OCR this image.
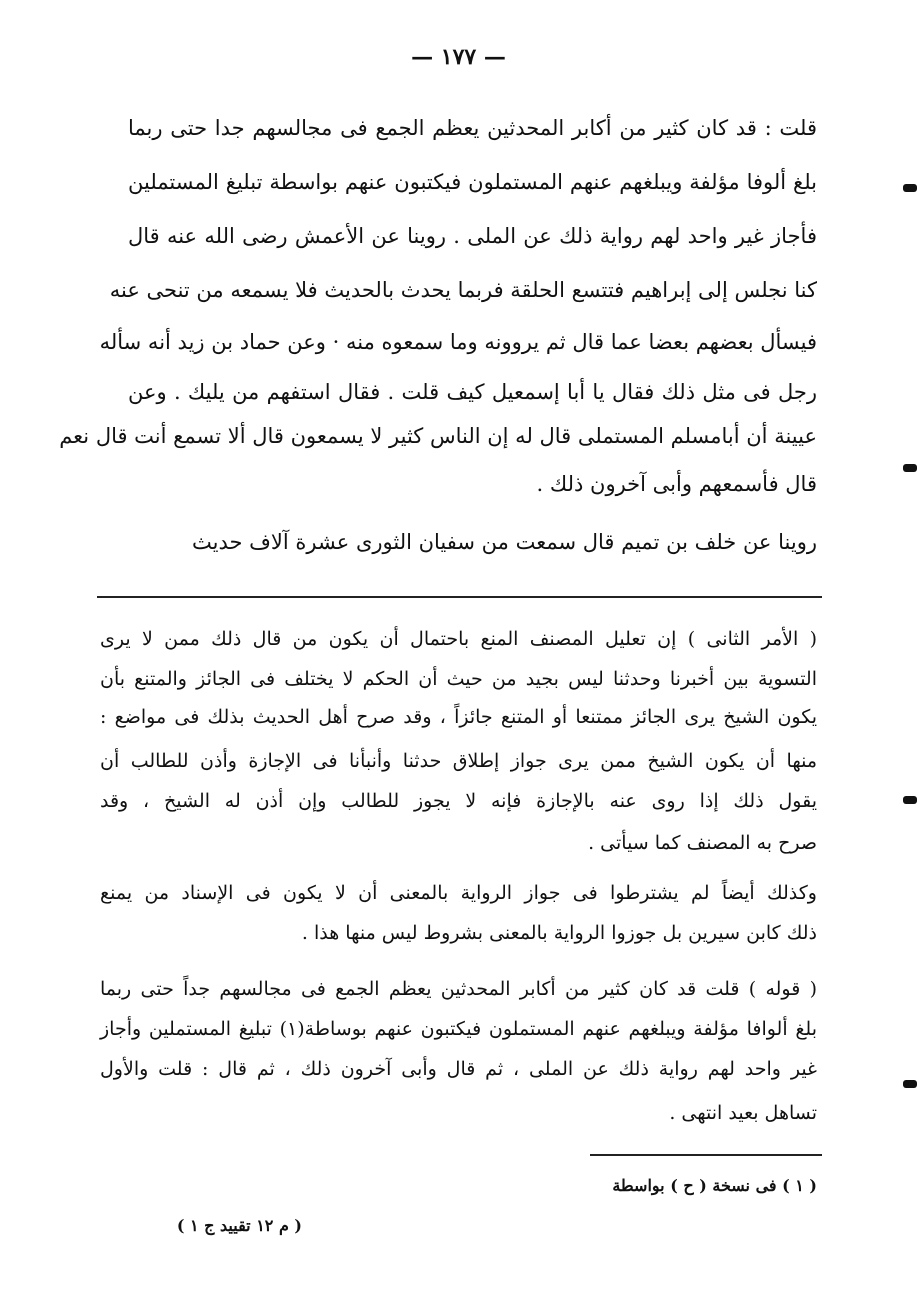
— ١٧٧ —
قلت : قد كان كثير من أكابر المحدثين يعظم الجمع فى مجالسهم جدا حتى ربما
بلغ ألوفا مؤلفة ويبلغهم عنهم المستملون فيكتبون عنهم بواسطة تبليغ المستملين
فأجاز غير واحد لهم رواية ذلك عن الملى . روينا عن الأعمش رضى الله عنه قال
كنا نجلس إلى إبراهيم فتتسع الحلقة فربما يحدث بالحديث فلا يسمعه من تنحى عنه
فيسأل بعضهم بعضا عما قال ثم يروونه وما سمعوه منه · وعن حماد بن زيد أنه سأله
رجل فى مثل ذلك فقال يا أبا إسمعيل كيف قلت . فقال استفهم من يليك . وعن
عيينة أن أبامسلم المستملى قال له إن الناس كثير لا يسمعون قال ألا تسمع أنت قال نعم
قال فأسمعهم وأبى آخرون ذلك .
روينا عن خلف بن تميم قال سمعت من سفيان الثورى عشرة آلاف حديث
( الأمر الثانى ) إن تعليل المصنف المنع باحتمال أن يكون من قال ذلك ممن لا يرى
التسوية بين أخبرنا وحدثنا ليس بجيد من حيث أن الحكم لا يختلف فى الجائز والمتنع بأن
يكون الشيخ يرى الجائز ممتنعا أو المتنع جائزاً ، وقد صرح أهل الحديث بذلك فى مواضع :
منها أن يكون الشيخ ممن يرى جواز إطلاق حدثنا وأنبأنا فى الإجازة وأذن للطالب أن
يقول ذلك إذا روى عنه بالإجازة فإنه لا يجوز للطالب وإن أذن له الشيخ ، وقد
صرح به المصنف كما سيأتى .
وكذلك أيضاً لم يشترطوا فى جواز الرواية بالمعنى أن لا يكون فى الإسناد من يمنع
ذلك كابن سيرين بل جوزوا الرواية بالمعنى بشروط ليس منها هذا .
( قوله ) قلت قد كان كثير من أكابر المحدثين يعظم الجمع فى مجالسهم جداً حتى ربما
بلغ ألوافا مؤلفة ويبلغهم عنهم المستملون فيكتبون عنهم بوساطة(١) تبليغ المستملين وأجاز
غير واحد لهم رواية ذلك عن الملى ، ثم قال وأبى آخرون ذلك ، ثم قال : قلت والأول
تساهل بعيد انتهى .
( ١ ) فى نسخة ( ح ) بواسطة
( م ١٢ تقييد ج ١ )
